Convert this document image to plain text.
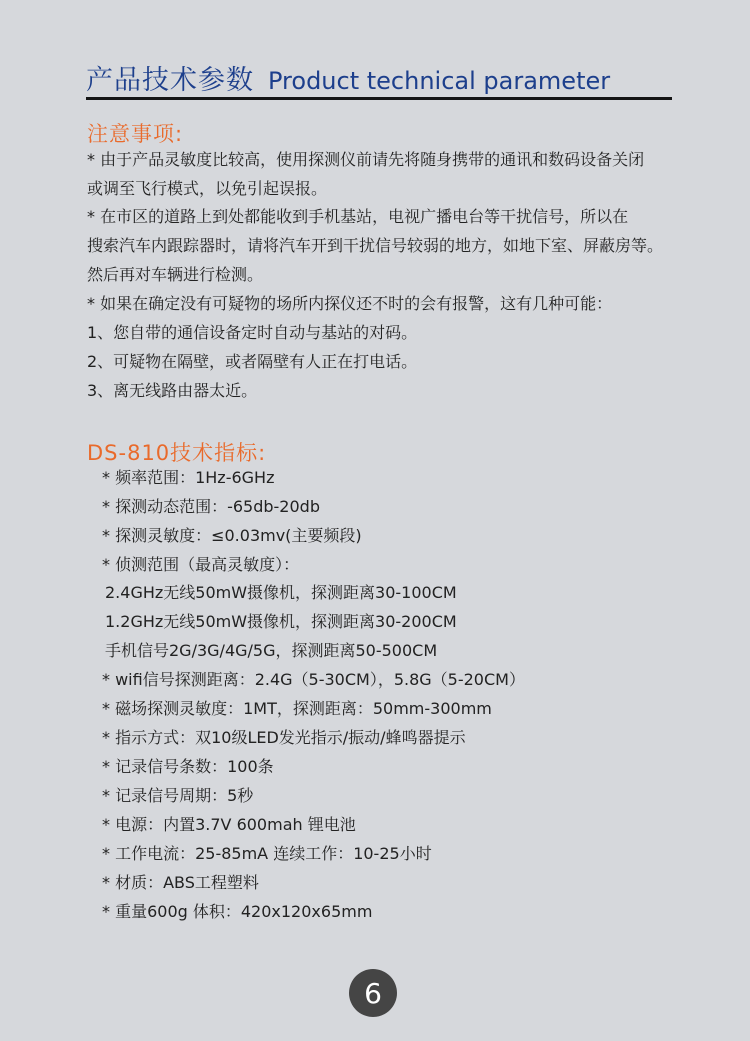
产品技术参数 Product technical parameter
注意事项:
* 由于产品灵敏度比较高，使用探测仪前请先将随身携带的通讯和数码设备关闭
或调至飞行模式，以免引起误报。
* 在市区的道路上到处都能收到手机基站，电视广播电台等干扰信号，所以在
搜索汽车内跟踪器时，请将汽车开到干扰信号较弱的地方，如地下室、屏蔽房等。
然后再对车辆进行检测。
* 如果在确定没有可疑物的场所内探仪还不时的会有报警，这有几种可能：
1、您自带的通信设备定时自动与基站的对码。
2、可疑物在隔壁，或者隔壁有人正在打电话。
3、离无线路由器太近。
DS-810技术指标:
* 频率范围：1Hz-6GHz
* 探测动态范围：-65db-20db
* 探测灵敏度：≤0.03mv(主要频段)
* 侦测范围（最高灵敏度）：
2.4GHz无线50mW摄像机，探测距离30-100CM
1.2GHz无线50mW摄像机，探测距离30-200CM
手机信号2G/3G/4G/5G，探测距离50-500CM
* wifi信号探测距离：2.4G（5-30CM），5.8G（5-20CM）
* 磁场探测灵敏度：1MT，探测距离：50mm-300mm
* 指示方式：双10级LED发光指示/振动/蜂鸣器提示
* 记录信号条数：100条
* 记录信号周期：5秒
* 电源：内置3.7V 600mah 锂电池
* 工作电流：25-85mA 连续工作：10-25小时
* 材质：ABS工程塑料
* 重量600g 体积：420x120x65mm
6
